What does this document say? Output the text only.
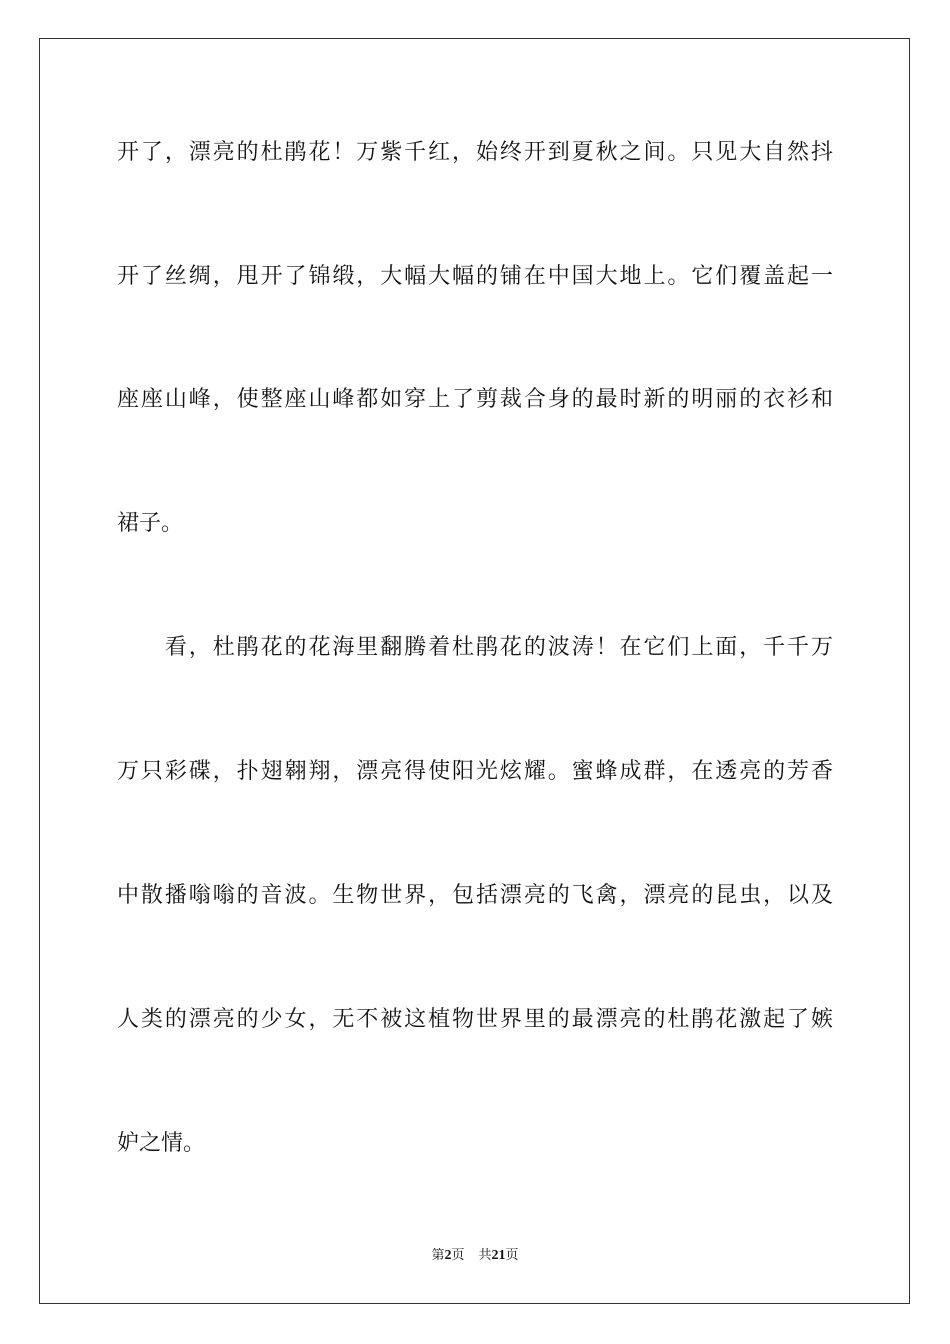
开了，漂亮的杜鹃花！万紫千红，始终开到夏秋之间。只见大自然抖
开了丝绸，甩开了锦缎，大幅大幅的铺在中国大地上。它们覆盖起一
座座山峰，使整座山峰都如穿上了剪裁合身的最时新的明丽的衣衫和
裙子。
　　看，杜鹃花的花海里翻腾着杜鹃花的波涛！在它们上面，千千万
万只彩碟，扑翅翱翔，漂亮得使阳光炫耀。蜜蜂成群，在透亮的芳香
中散播嗡嗡的音波。生物世界，包括漂亮的飞禽，漂亮的昆虫，以及
人类的漂亮的少女，无不被这植物世界里的最漂亮的杜鹃花激起了嫉
妒之情。
第2页 共21页
